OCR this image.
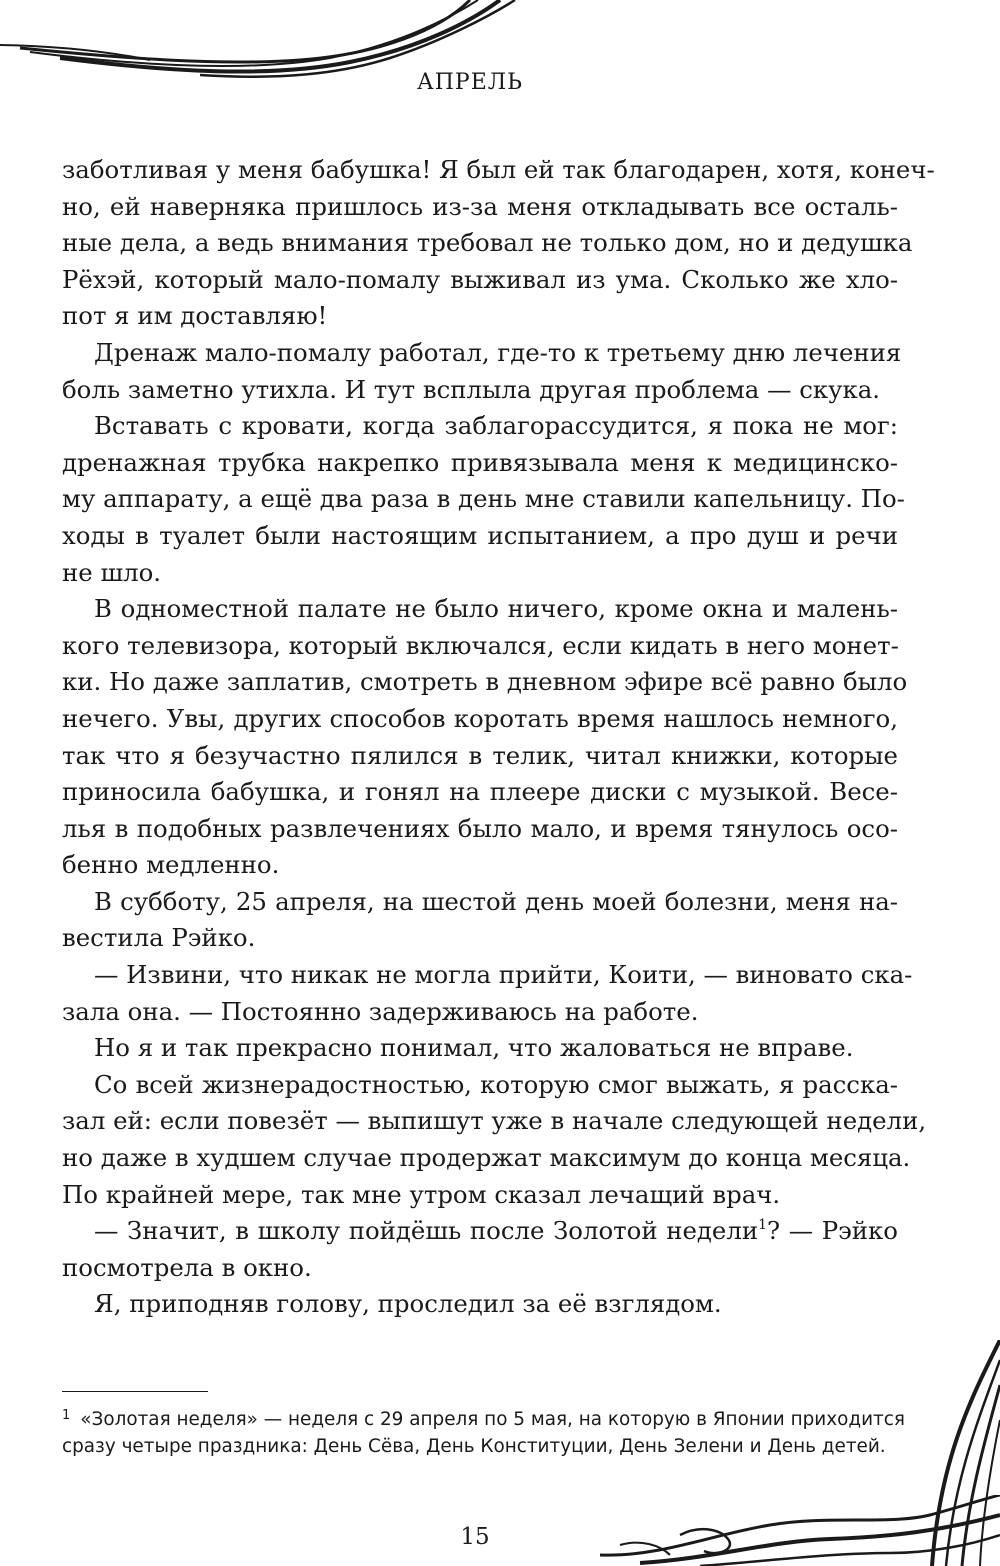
АПРЕЛЬ
заботливая у меня бабушка! Я был ей так благодарен, хотя, конеч-
но, ей наверняка пришлось из-за меня откладывать все осталь-
ные дела, а ведь внимания требовал не только дом, но и дедушка
Рёхэй, который мало-помалу выживал из ума. Сколько же хло-
пот я им доставляю!
Дренаж мало-помалу работал, где-то к третьему дню лечения
боль заметно утихла. И тут всплыла другая проблема — скука.
Вставать с кровати, когда заблагорассудится, я пока не мог:
дренажная трубка накрепко привязывала меня к медицинско-
му аппарату, а ещё два раза в день мне ставили капельницу. По-
ходы в туалет были настоящим испытанием, а про душ и речи
не шло.
В одноместной палате не было ничего, кроме окна и малень-
кого телевизора, который включался, если кидать в него монет-
ки. Но даже заплатив, смотреть в дневном эфире всё равно было
нечего. Увы, других способов коротать время нашлось немного,
так что я безучастно пялился в телик, читал книжки, которые
приносила бабушка, и гонял на плеере диски с музыкой. Весе-
лья в подобных развлечениях было мало, и время тянулось осо-
бенно медленно.
В субботу, 25 апреля, на шестой день моей болезни, меня на-
вестила Рэйко.
— Извини, что никак не могла прийти, Коити, — виновато ска-
зала она. — Постоянно задерживаюсь на работе.
Но я и так прекрасно понимал, что жаловаться не вправе.
Со всей жизнерадостностью, которую смог выжать, я расска-
зал ей: если повезёт — выпишут уже в начале следующей недели,
но даже в худшем случае продержат максимум до конца месяца.
По крайней мере, так мне утром сказал лечащий врач.
— Значит, в школу пойдёшь после Золотой недели$^1$? — Рэйко
посмотрела в окно.
Я, приподняв голову, проследил за её взглядом.
$^1$ «Золотая неделя» — неделя с 29 апреля по 5 мая, на которую в Японии приходится
сразу четыре праздника: День Сёва, День Конституции, День Зелени и День детей.
15
